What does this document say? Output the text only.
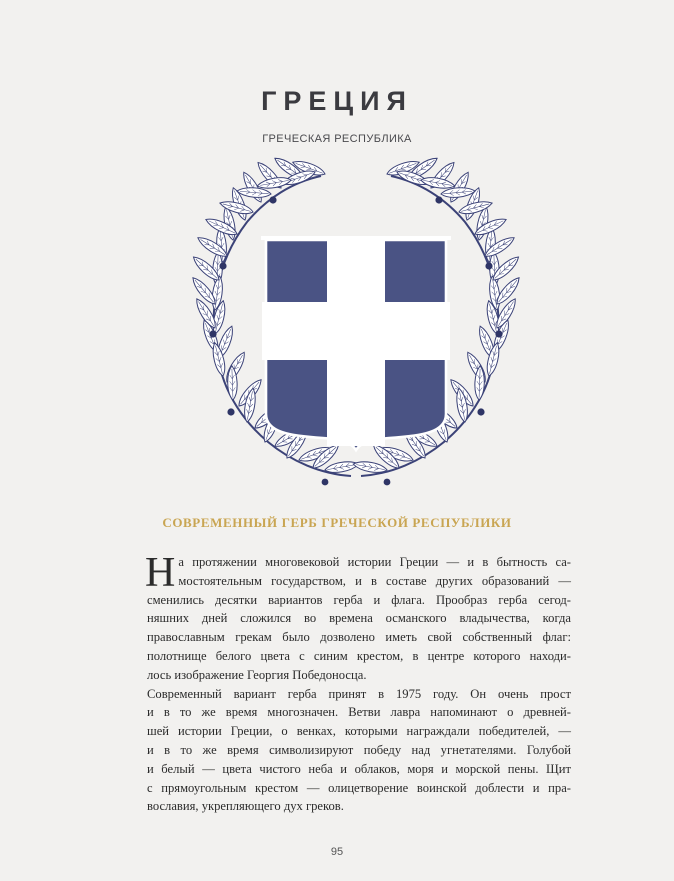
ГРЕЦИЯ
ГРЕЧЕСКАЯ РЕСПУБЛИКА
СОВРЕМЕННЫЙ ГЕРБ ГРЕЧЕСКОЙ РЕСПУБЛИКИ
Н а протяжении многовековой истории Греции — и в бытность са-
мостоятельным государством, и в составе других образований —
сменились десятки вариантов герба и флага. Прообраз герба сегод-
няшних дней сложился во времена османского владычества, когда
православным грекам было дозволено иметь свой собственный флаг:
полотнище белого цвета с синим крестом, в центре которого находи-
лось изображение Георгия Победоносца.
Современный вариант герба принят в 1975 году. Он очень прост
и в то же время многозначен. Ветви лавра напоминают о древней-
шей истории Греции, о венках, которыми награждали победителей, —
и в то же время символизируют победу над угнетателями. Голубой
и белый — цвета чистого неба и облаков, моря и морской пены. Щит
с прямоугольным крестом — олицетворение воинской доблести и пра-
вославия, укрепляющего дух греков.
95
